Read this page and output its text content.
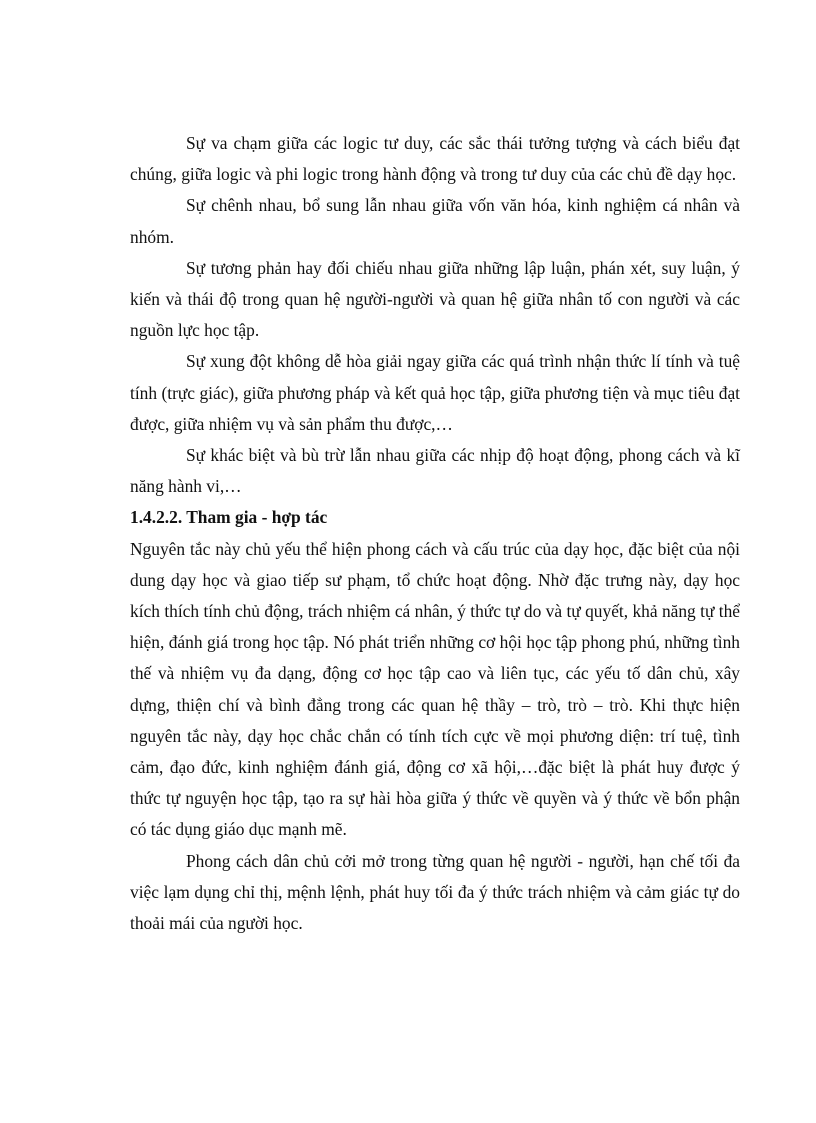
Sự va chạm giữa các logic tư duy, các sắc thái tưởng tượng và cách biểu đạt chúng, giữa logic và phi logic trong hành động và trong tư duy của các chủ đề dạy học.

Sự chênh nhau, bổ sung lẫn nhau giữa vốn văn hóa, kinh nghiệm cá nhân và nhóm.

Sự tương phản hay đối chiếu nhau giữa những lập luận, phán xét, suy luận, ý kiến và thái độ trong quan hệ người-người và quan hệ giữa nhân tố con người và các nguồn lực học tập.

Sự xung đột không dễ hòa giải ngay giữa các quá trình nhận thức lí tính và tuệ tính (trực giác), giữa phương pháp và kết quả học tập, giữa phương tiện và mục tiêu đạt được, giữa nhiệm vụ và sản phẩm thu được,…

Sự khác biệt và bù trừ lẫn nhau giữa các nhịp độ hoạt động, phong cách và kĩ năng hành vi,…

1.4.2.2. Tham gia - hợp tác

Nguyên tắc này chủ yếu thể hiện phong cách và cấu trúc của dạy học, đặc biệt của nội dung dạy học và giao tiếp sư phạm, tổ chức hoạt động. Nhờ đặc trưng này, dạy học kích thích tính chủ động, trách nhiệm cá nhân, ý thức tự do và tự quyết, khả năng tự thể hiện, đánh giá trong học tập. Nó phát triển những cơ hội học tập phong phú, những tình thế và nhiệm vụ đa dạng, động cơ học tập cao và liên tục, các yếu tố dân chủ, xây dựng, thiện chí và bình đẳng trong các quan hệ thầy – trò, trò – trò. Khi thực hiện nguyên tắc này, dạy học chắc chắn có tính tích cực về mọi phương diện: trí tuệ, tình cảm, đạo đức, kinh nghiệm đánh giá, động cơ xã hội,…đặc biệt là phát huy được ý thức tự nguyện học tập, tạo ra sự hài hòa giữa ý thức về quyền và ý thức về bổn phận có tác dụng giáo dục mạnh mẽ.

Phong cách dân chủ cởi mở trong từng quan hệ người - người, hạn chế tối đa việc lạm dụng chỉ thị, mệnh lệnh, phát huy tối đa ý thức trách nhiệm và cảm giác tự do thoải mái của người học.
